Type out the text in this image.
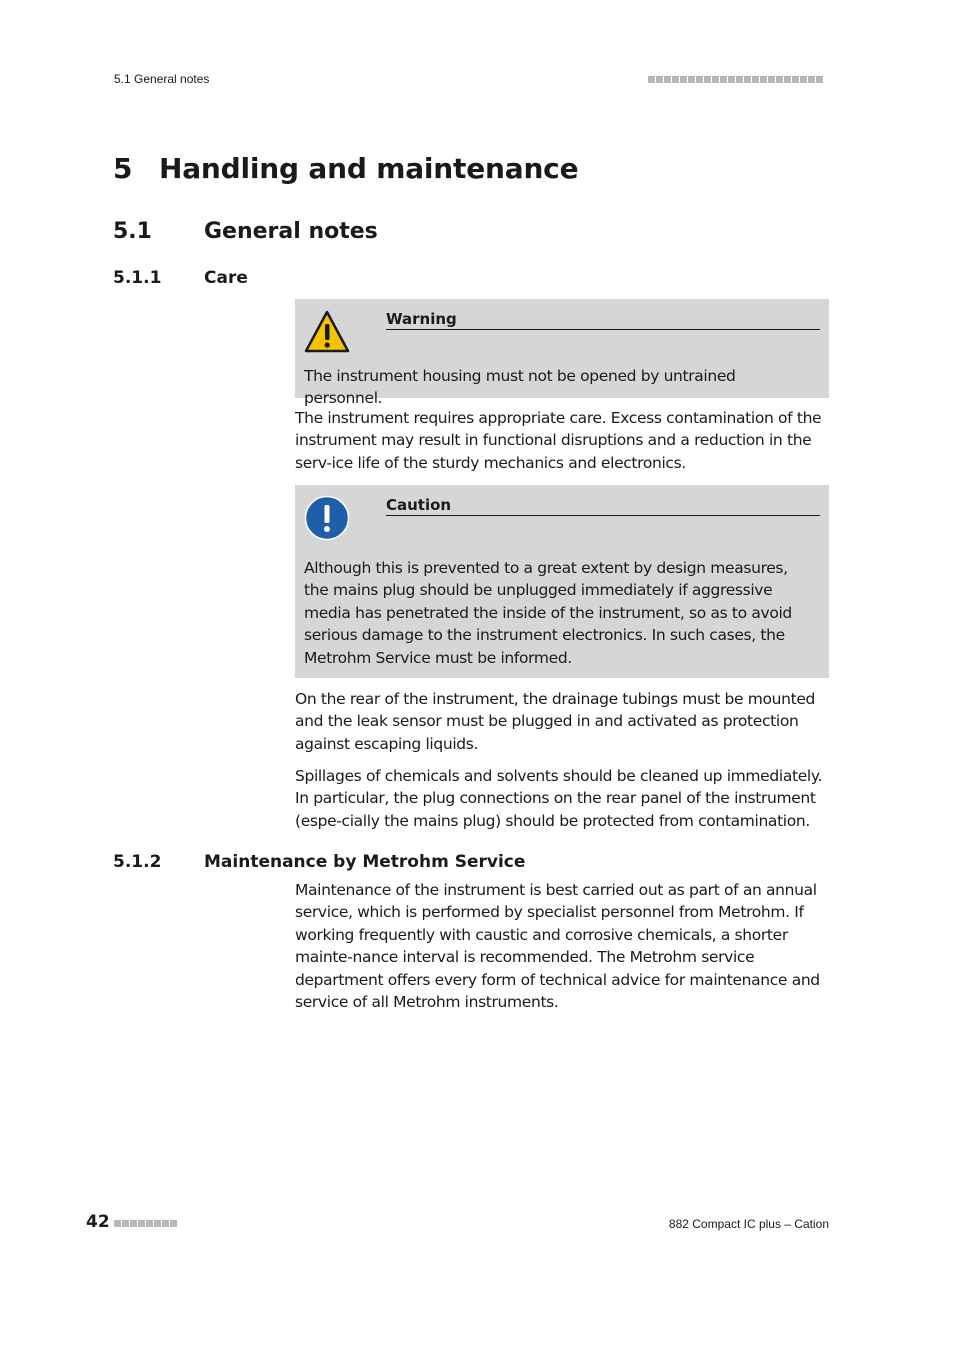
5.1 General notes
5 Handling and maintenance
5.1 General notes
5.1.1	Care
Warning
The instrument housing must not be opened by untrained personnel.

The instrument requires appropriate care. Excess contamination of the instrument may result in functional disruptions and a reduction in the serv-ice life of the sturdy mechanics and electronics.

Caution
Although this is prevented to a great extent by design measures, the mains plug should be unplugged immediately if aggressive media has penetrated the inside of the instrument, so as to avoid serious damage to the instrument electronics. In such cases, the Metrohm Service must be informed.

On the rear of the instrument, the drainage tubings must be mounted and the leak sensor must be plugged in and activated as protection against escaping liquids.

Spillages of chemicals and solvents should be cleaned up immediately. In particular, the plug connections on the rear panel of the instrument (espe-cially the mains plug) should be protected from contamination.

5.1.2	Maintenance by Metrohm Service

Maintenance of the instrument is best carried out as part of an annual service, which is performed by specialist personnel from Metrohm. If working frequently with caustic and corrosive chemicals, a shorter mainte-nance interval is recommended. The Metrohm service department offers every form of technical advice for maintenance and service of all Metrohm instruments.

42	882 Compact IC plus – Cation
